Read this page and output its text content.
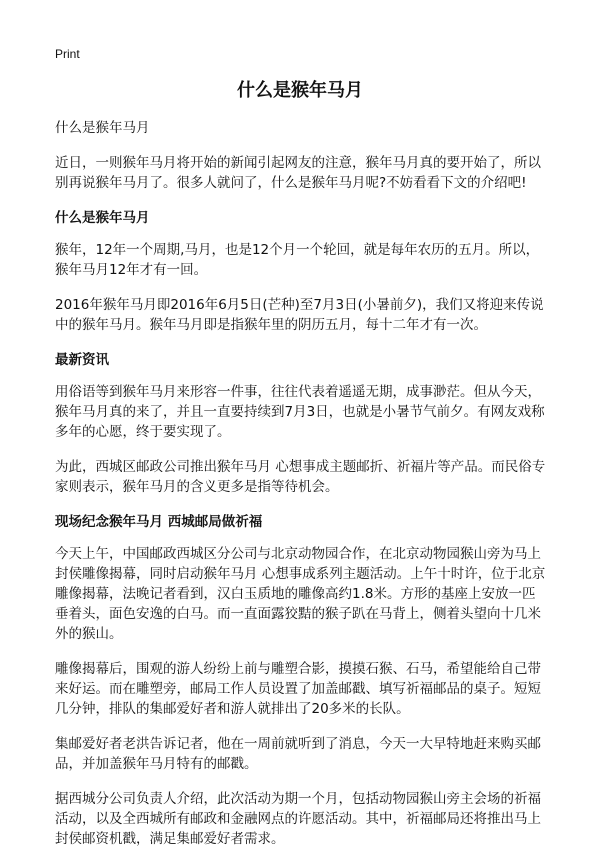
Print
什么是猴年马月

什么是猴年马月

近日，一则猴年马月将开始的新闻引起网友的注意，猴年马月真的要开始了，所以别再说猴年马月了。很多人就问了，什么是猴年马月呢?不妨看看下文的介绍吧!

什么是猴年马月

猴年，12年一个周期,马月，也是12个月一个轮回，就是每年农历的五月。所以，猴年马月12年才有一回。

2016年猴年马月即2016年6月5日(芒种)至7月3日(小暑前夕)，我们又将迎来传说中的猴年马月。猴年马月即是指猴年里的阴历五月，每十二年才有一次。

最新资讯

用俗语等到猴年马月来形容一件事，往往代表着遥遥无期，成事渺茫。但从今天，猴年马月真的来了，并且一直要持续到7月3日，也就是小暑节气前夕。有网友戏称多年的心愿，终于要实现了。

为此，西城区邮政公司推出猴年马月 心想事成主题邮折、祈福片等产品。而民俗专家则表示，猴年马月的含义更多是指等待机会。

现场纪念猴年马月 西城邮局做祈福

今天上午，中国邮政西城区分公司与北京动物园合作，在北京动物园猴山旁为马上封侯雕像揭幕，同时启动猴年马月 心想事成系列主题活动。上午十时许，位于北京雕像揭幕，法晚记者看到，汉白玉质地的雕像高约1.8米。方形的基座上安放一匹垂着头，面色安逸的白马。而一直面露狡黠的猴子趴在马背上，侧着头望向十几米外的猴山。

雕像揭幕后，围观的游人纷纷上前与雕塑合影，摸摸石猴、石马，希望能给自己带来好运。而在雕塑旁，邮局工作人员设置了加盖邮戳、填写祈福邮品的桌子。短短几分钟，排队的集邮爱好者和游人就排出了20多米的长队。

集邮爱好者老洪告诉记者，他在一周前就听到了消息，今天一大早特地赶来购买邮品，并加盖猴年马月特有的邮戳。

据西城分公司负责人介绍，此次活动为期一个月，包括动物园猴山旁主会场的祈福活动，以及全西城所有邮政和金融网点的许愿活动。其中，祈福邮局还将推出马上封侯邮资机戳，满足集邮爱好者需求。
